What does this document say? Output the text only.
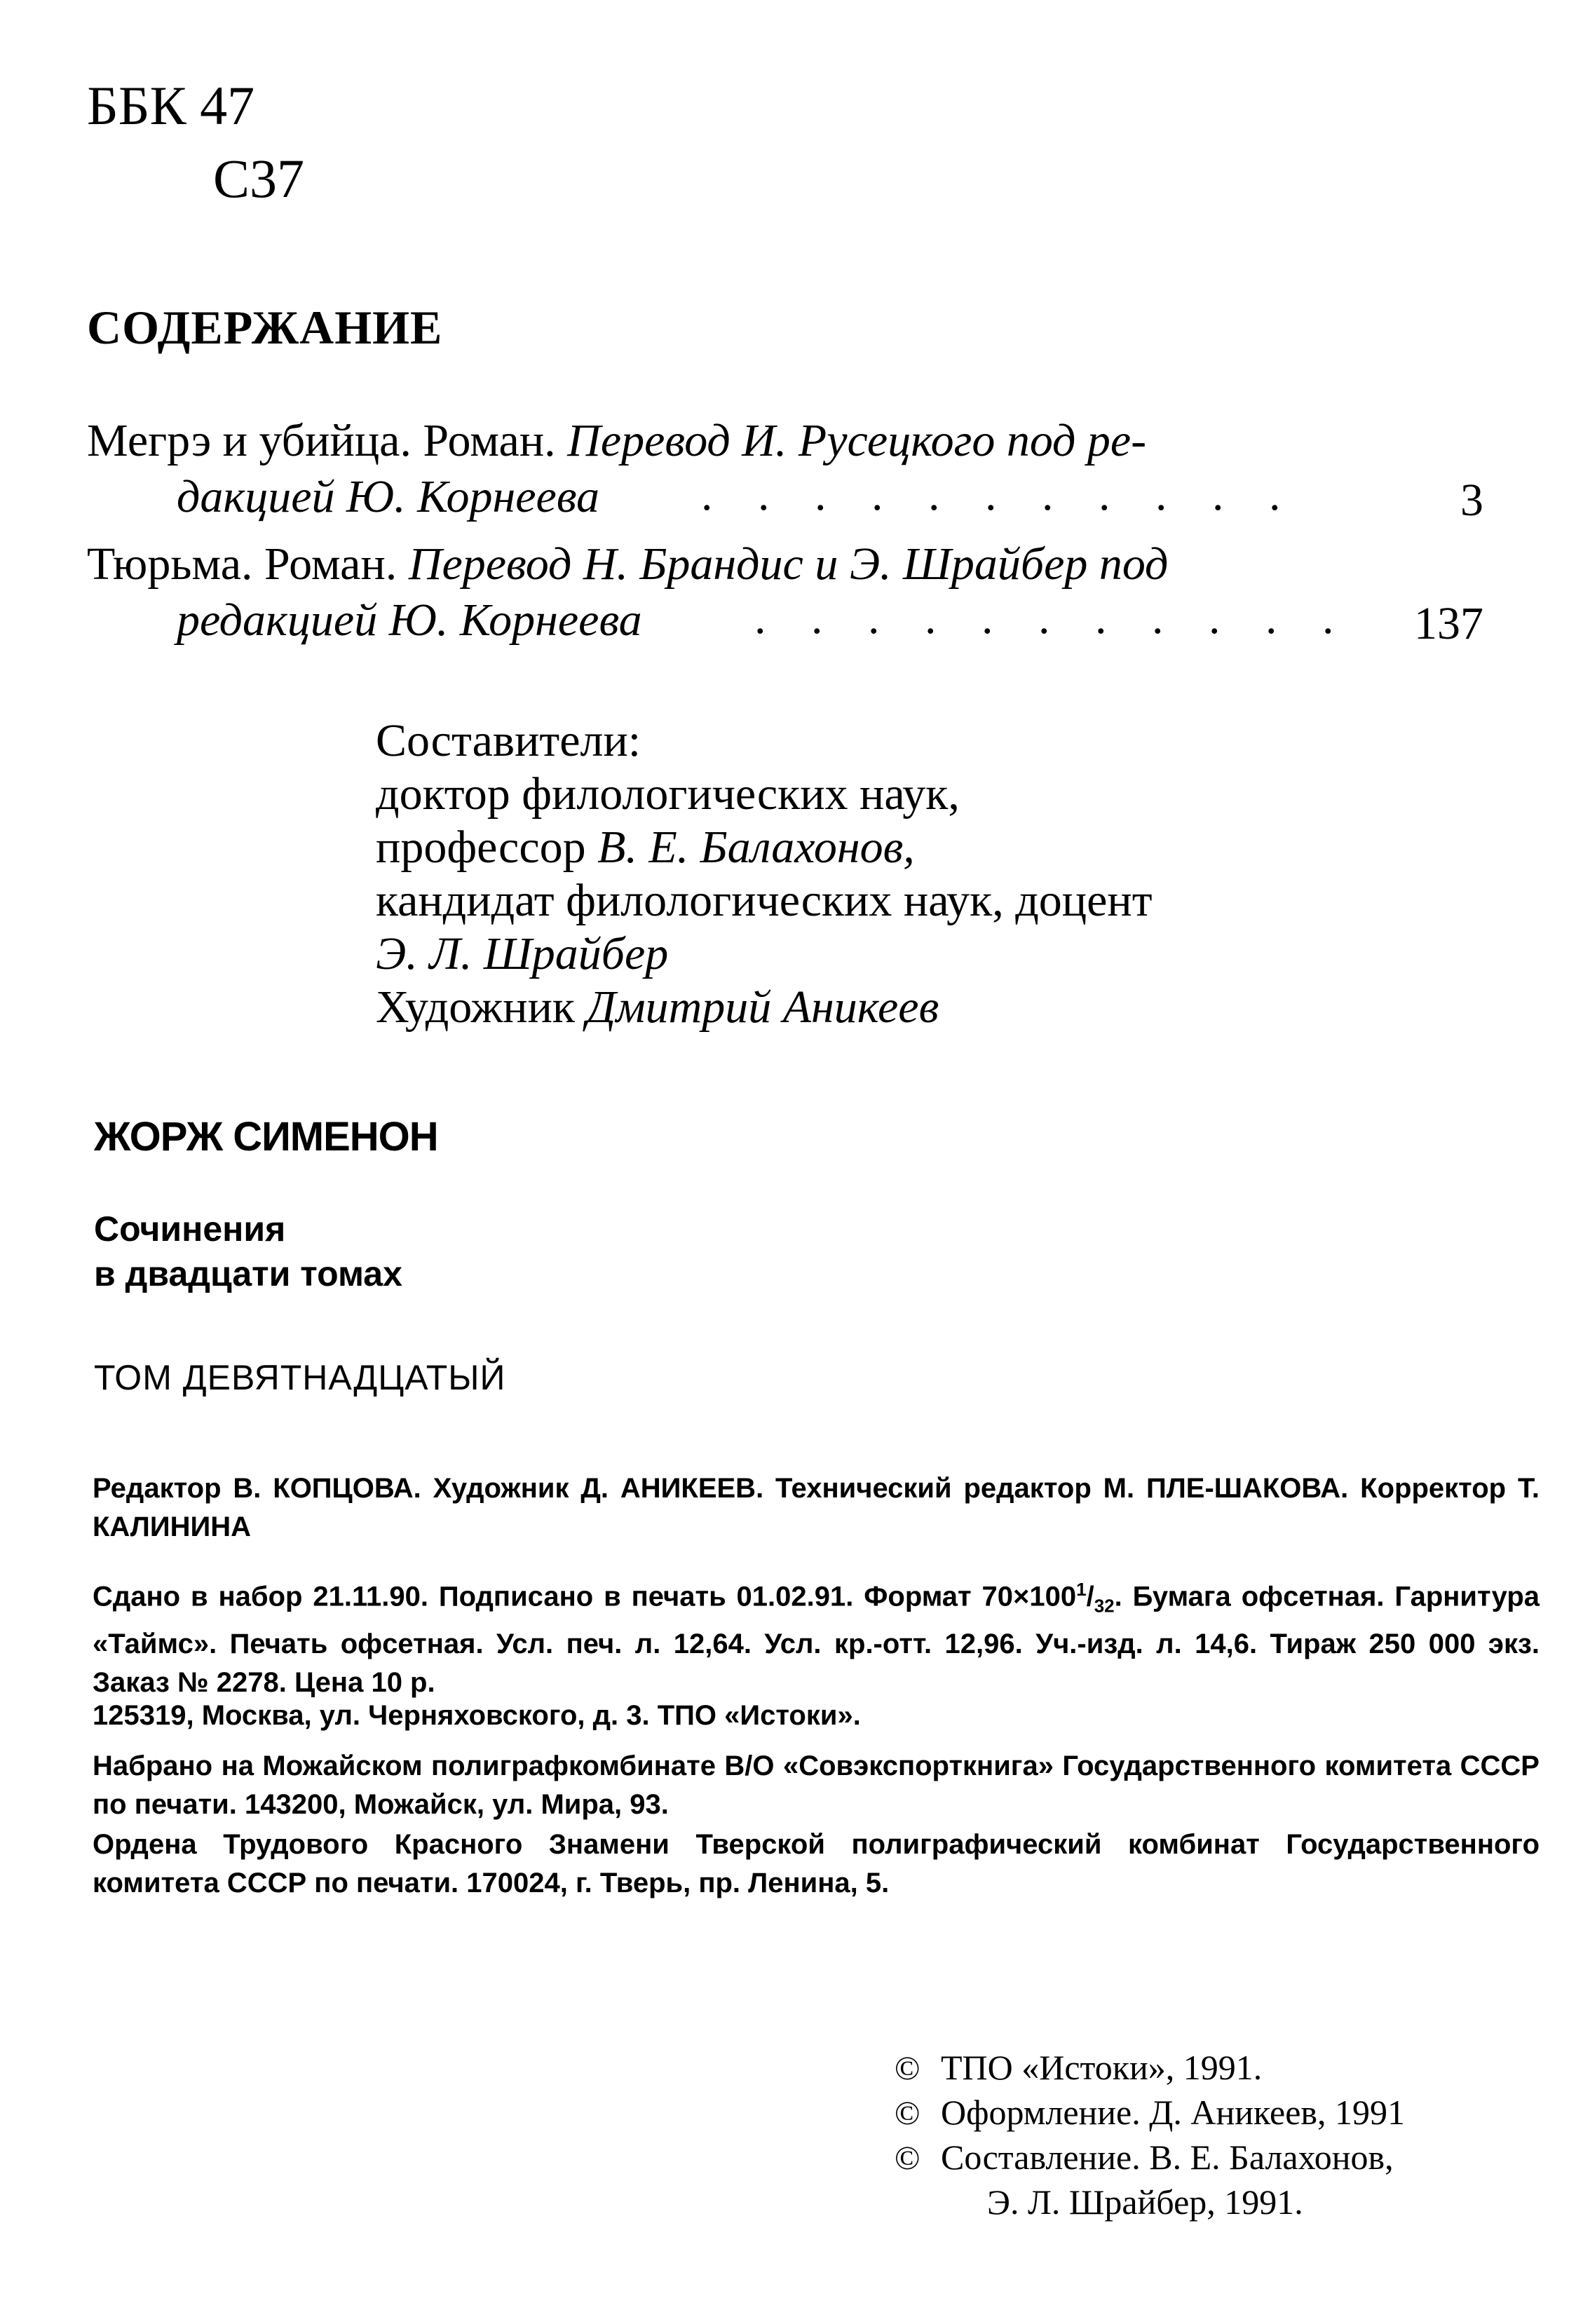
ББК 47
С37
СОДЕРЖАНИЕ
Мегрэ и убийца. Роман. Перевод И. Русецкого под ре-
дакцией Ю. Корнеева . . . . . . . . . . .	3
Тюрьма. Роман. Перевод Н. Брандис и Э. Шрайбер под
редакцией Ю. Корнеева . . . . . . . . . . .	137
Составители:
доктор филологических наук,
профессор В. Е. Балахонов,
кандидат филологических наук, доцент
Э. Л. Шрайбер
Художник Дмитрий Аникеев
ЖОРЖ СИМЕНОН
Сочинения
в двадцати томах
ТОМ ДЕВЯТНАДЦАТЫЙ

Редактор В. КОПЦОВА. Художник Д. АНИКЕЕВ. Технический редактор М. ПЛЕ-ШАКОВА. Корректор Т. КАЛИНИНА

Сдано в набор 21.11.90. Подписано в печать 01.02.91. Формат $70\times 100^1/_{32}$. Бумага офсетная. Гарнитура «Таймс». Печать офсетная. Усл. печ. л. 12,64. Усл. кр.-отт. 12,96. Уч.-изд. л. 14,6. Тираж 250 000 экз. Заказ № 2278. Цена 10 р.

125319, Москва, ул. Черняховского, д. 3. ТПО «Истоки».

Набрано на Можайском полиграфкомбинате В/О «Совэкспорткнига» Государственного комитета СССР по печати. 143200, Можайск, ул. Мира, 93.

Ордена Трудового Красного Знамени Тверской полиграфический комбинат Государственного комитета СССР по печати. 170024, г. Тверь, пр. Ленина, 5.

© ТПО «Истоки», 1991.
© Оформление. Д. Аникеев, 1991
© Составление. В. Е. Балахонов,
Э. Л. Шрайбер, 1991.
